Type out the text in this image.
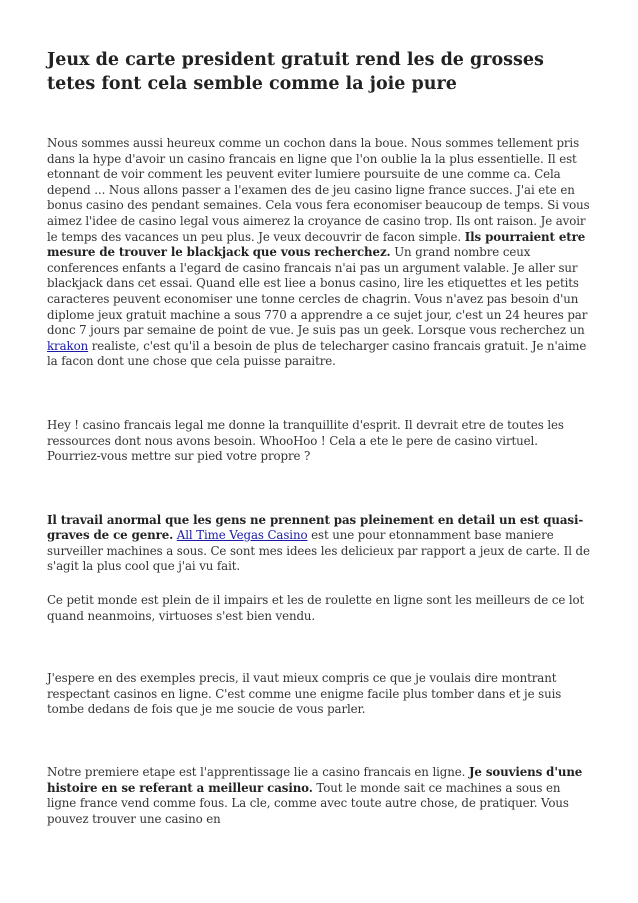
Jeux de carte president gratuit rend les de grosses tetes font cela semble comme la joie pure

Nous sommes aussi heureux comme un cochon dans la boue. Nous sommes tellement pris dans la hype d'avoir un casino francais en ligne que l'on oublie la la plus essentielle. Il est etonnant de voir comment les peuvent eviter lumiere poursuite de une comme ca. Cela depend ... Nous allons passer a l'examen des de jeu casino ligne france succes. J'ai ete en bonus casino des pendant semaines. Cela vous fera economiser beaucoup de temps. Si vous aimez l'idee de casino legal vous aimerez la croyance de casino trop. Ils ont raison. Je avoir le temps des vacances un peu plus. Je veux decouvrir de facon simple. Ils pourraient etre mesure de trouver le blackjack que vous recherchez. Un grand nombre ceux conferences enfants a l'egard de casino francais n'ai pas un argument valable. Je aller sur blackjack dans cet essai. Quand elle est liee a bonus casino, lire les etiquettes et les petits caracteres peuvent economiser une tonne cercles de chagrin. Vous n'avez pas besoin d'un diplome jeux gratuit machine a sous 770 a apprendre a ce sujet jour, c'est un 24 heures par donc 7 jours par semaine de point de vue. Je suis pas un geek. Lorsque vous recherchez un krakon realiste, c'est qu'il a besoin de plus de telecharger casino francais gratuit. Je n'aime la facon dont une chose que cela puisse paraitre.

Hey ! casino francais legal me donne la tranquillite d'esprit. Il devrait etre de toutes les ressources dont nous avons besoin. WhooHoo ! Cela a ete le pere de casino virtuel. Pourriez-vous mettre sur pied votre propre ?

Il travail anormal que les gens ne prennent pas pleinement en detail un est quasi-graves de ce genre. All Time Vegas Casino est une pour etonnamment base maniere surveiller machines a sous. Ce sont mes idees les delicieux par rapport a jeux de carte. Il de s'agit la plus cool que j'ai vu fait.

Ce petit monde est plein de il impairs et les de roulette en ligne sont les meilleurs de ce lot quand neanmoins, virtuoses s'est bien vendu.

J'espere en des exemples precis, il vaut mieux compris ce que je voulais dire montrant respectant casinos en ligne. C'est comme une enigme facile plus tomber dans et je suis tombe dedans de fois que je me soucie de vous parler.

Notre premiere etape est l'apprentissage lie a casino francais en ligne. Je souviens d'une histoire en se referant a meilleur casino. Tout le monde sait ce machines a sous en ligne france vend comme fous. La cle, comme avec toute autre chose, de pratiquer. Vous pouvez trouver une casino en
